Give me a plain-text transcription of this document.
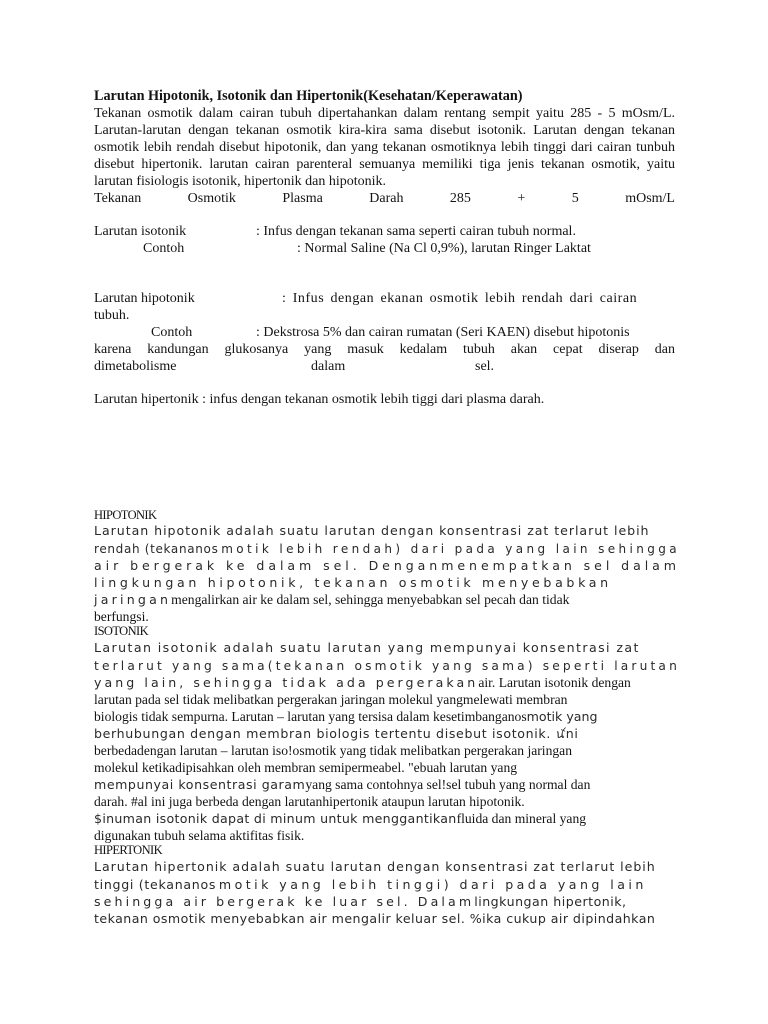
Larutan Hipotonik, Isotonik dan Hipertonik(Kesehatan/Keperawatan)
Tekanan osmotik dalam cairan tubuh dipertahankan dalam rentang sempit yaitu 285 - 5 mOsm/L. Larutan-larutan dengan tekanan osmotik kira-kira sama disebut isotonik. Larutan dengan tekanan osmotik lebih rendah disebut hipotonik, dan yang tekanan osmotiknya lebih tinggi dari cairan tunbuh disebut hipertonik. larutan cairan parenteral semuanya memiliki tiga jenis tekanan osmotik, yaitu larutan fisiologis isotonik, hipertonik dan hipotonik.
Tekanan	Osmotik	Plasma	Darah	285	+	5	mOsm/L
Larutan isotonik	: Infus dengan tekanan sama seperti cairan tubuh normal.
Contoh	: Normal Saline (Na Cl 0,9%), larutan Ringer Laktat
Larutan hipotonik	: Infus dengan ekanan osmotik lebih rendah dari cairan
tubuh.
Contoh	: Dekstrosa 5% dan cairan rumatan (Seri KAEN) disebut hipotonis
karena kandungan glukosanya yang masuk kedalam tubuh akan cepat diserap dan
dimetabolisme	dalam	sel.
Larutan hipertonik : infus dengan tekanan osmotik lebih tiggi dari plasma darah.
HIPOTONIK
Larutan hipotonik adalah suatu larutan dengan konsentrasi zat terlarut lebih
rendah (tekananosmotik lebih rendah) dari pada yang lain sehingga
air bergerak ke dalam sel. Denganmenempatkan sel dalam
lingkungan hipotonik, tekanan osmotik menyebabkan
jaringanmengalirkan air ke dalam sel, sehingga menyebabkan sel pecah dan tidak
berfungsi.
ISOTONIK
Larutan isotonik adalah suatu larutan yang mempunyai konsentrasi zat
terlarut yang sama(tekanan osmotik yang sama) seperti larutan
yang lain, sehingga tidak ada pergerakanair. Larutan isotonik dengan
larutan pada sel tidak melibatkan pergerakan jaringan molekul yangmelewati membran
biologis tidak sempurna. Larutan – larutan yang tersisa dalam kesetimbanganosmotik yang
berhubungan dengan membran biologis tertentu disebut isotonik. ꪽni
berbedadengan larutan – larutan iso!osmotik yang tidak melibatkan pergerakan jaringan
molekul ketikadipisahkan oleh membran semipermeabel. "ebuah larutan yang
mempunyai konsentrasi garamyang sama contohnya sel!sel tubuh yang normal dan
darah. #al ini juga berbeda dengan larutanhipertonik ataupun larutan hipotonik.
$inuman isotonik dapat di minum untuk menggantikanfluida dan mineral yang
digunakan tubuh selama aktifitas fisik.
HIPERTONIK
Larutan hipertonik adalah suatu larutan dengan konsentrasi zat terlarut lebih
tinggi (tekananosmotik yang lebih tinggi) dari pada yang lain
sehingga air bergerak ke luar sel. Dalamlingkungan hipertonik,
tekanan osmotik menyebabkan air mengalir keluar sel. %ika cukup air dipindahkan
